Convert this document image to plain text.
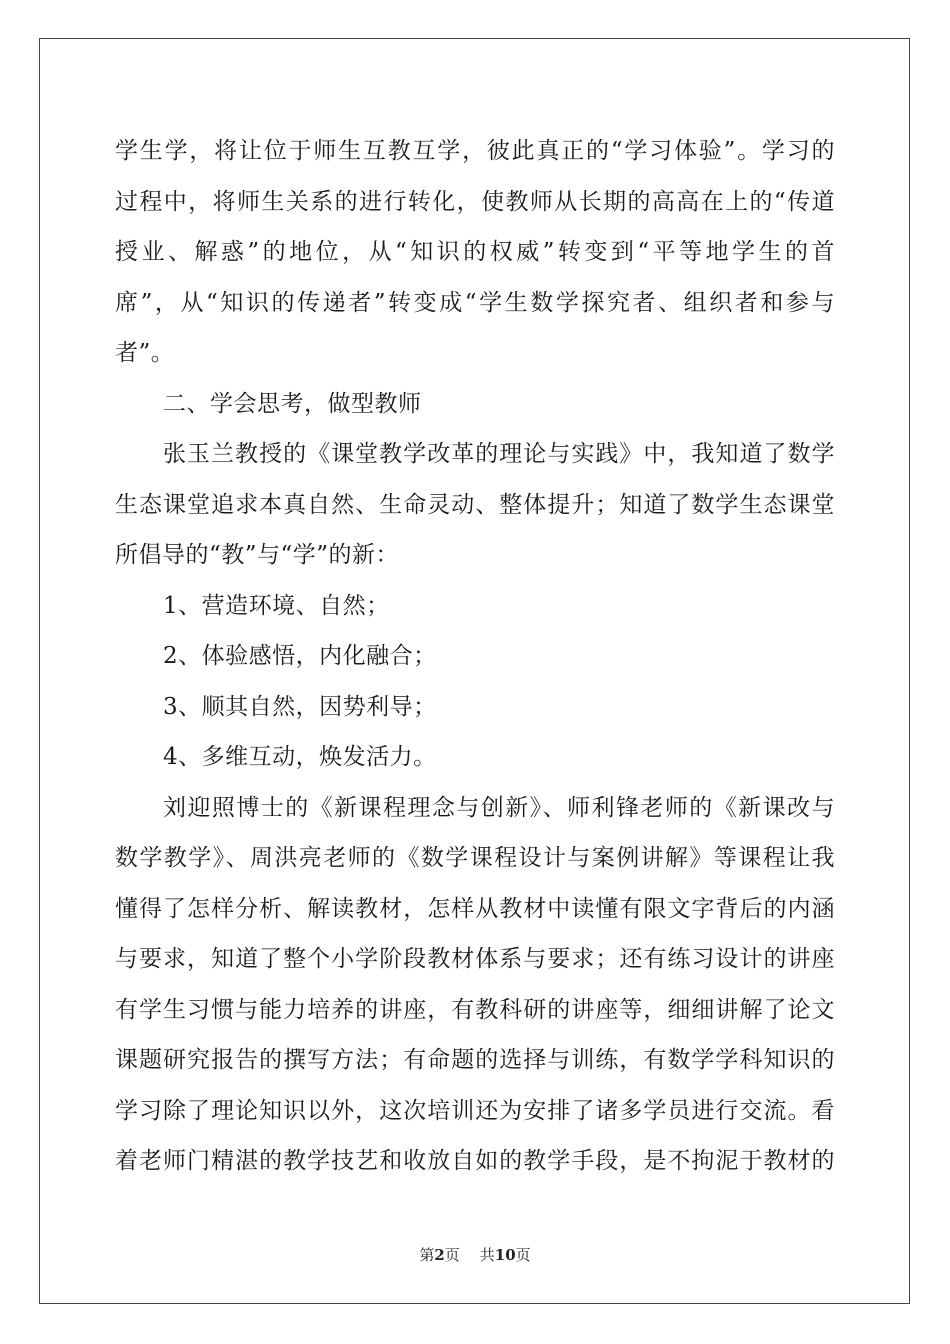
学生学，将让位于师生互教互学，彼此真正的“学习体验”。学习的
过程中，将师生关系的进行转化，使教师从长期的高高在上的“传道
授业、解惑”的地位，从“知识的权威”转变到“平等地学生的首
席”，从“知识的传递者”转变成“学生数学探究者、组织者和参与
者”。
二、学会思考，做型教师
张玉兰教授的《课堂教学改革的理论与实践》中，我知道了数学
生态课堂追求本真自然、生命灵动、整体提升；知道了数学生态课堂
所倡导的“教”与“学”的新：
1、营造环境、自然；
2、体验感悟，内化融合；
3、顺其自然，因势利导；
4、多维互动，焕发活力。
刘迎照博士的《新课程理念与创新》、师利锋老师的《新课改与
数学教学》、周洪亮老师的《数学课程设计与案例讲解》等课程让我
懂得了怎样分析、解读教材，怎样从教材中读懂有限文字背后的内涵
与要求，知道了整个小学阶段教材体系与要求；还有练习设计的讲座
有学生习惯与能力培养的讲座，有教科研的讲座等，细细讲解了论文
课题研究报告的撰写方法；有命题的选择与训练，有数学学科知识的
学习除了理论知识以外，这次培训还为安排了诸多学员进行交流。看
着老师门精湛的教学技艺和收放自如的教学手段，是不拘泥于教材的
第2页 共10页
